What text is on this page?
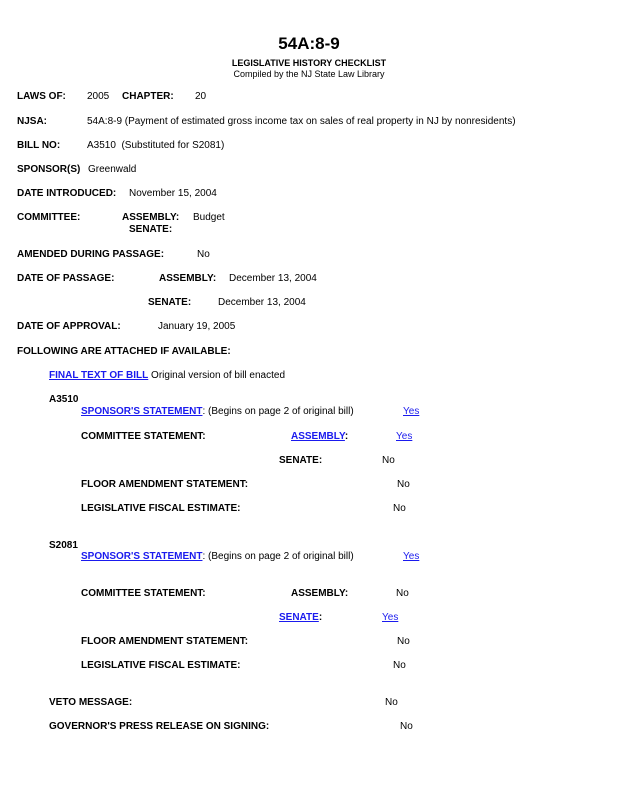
54A:8-9
LEGISLATIVE HISTORY CHECKLIST
Compiled by the NJ State Law Library
LAWS OF: 2005 CHAPTER: 20
NJSA:	54A:8-9 (Payment of estimated gross income tax on sales of real property in NJ by nonresidents)
BILL NO:	A3510  (Substituted for S2081)
SPONSOR(S) Greenwald
DATE INTRODUCED: November 15, 2004
COMMITTEE:	ASSEMBLY: Budget
SENATE:
AMENDED DURING PASSAGE:	No
DATE OF PASSAGE:	ASSEMBLY: December 13, 2004
SENATE:	December 13, 2004
DATE OF APPROVAL:	January 19, 2005
FOLLOWING ARE ATTACHED IF AVAILABLE:
FINAL TEXT OF BILL Original version of bill enacted
A3510
SPONSOR'S STATEMENT: (Begins on page 2 of original bill)	Yes
COMMITTEE STATEMENT:	ASSEMBLY:	Yes
SENATE:	No
FLOOR AMENDMENT STATEMENT:	No
LEGISLATIVE FISCAL ESTIMATE:	No
S2081
SPONSOR'S STATEMENT: (Begins on page 2 of original bill)	Yes
COMMITTEE STATEMENT:	ASSEMBLY:	No
SENATE:	Yes
FLOOR AMENDMENT STATEMENT:	No
LEGISLATIVE FISCAL ESTIMATE:	No
VETO MESSAGE:	No
GOVERNOR'S PRESS RELEASE ON SIGNING:	No
